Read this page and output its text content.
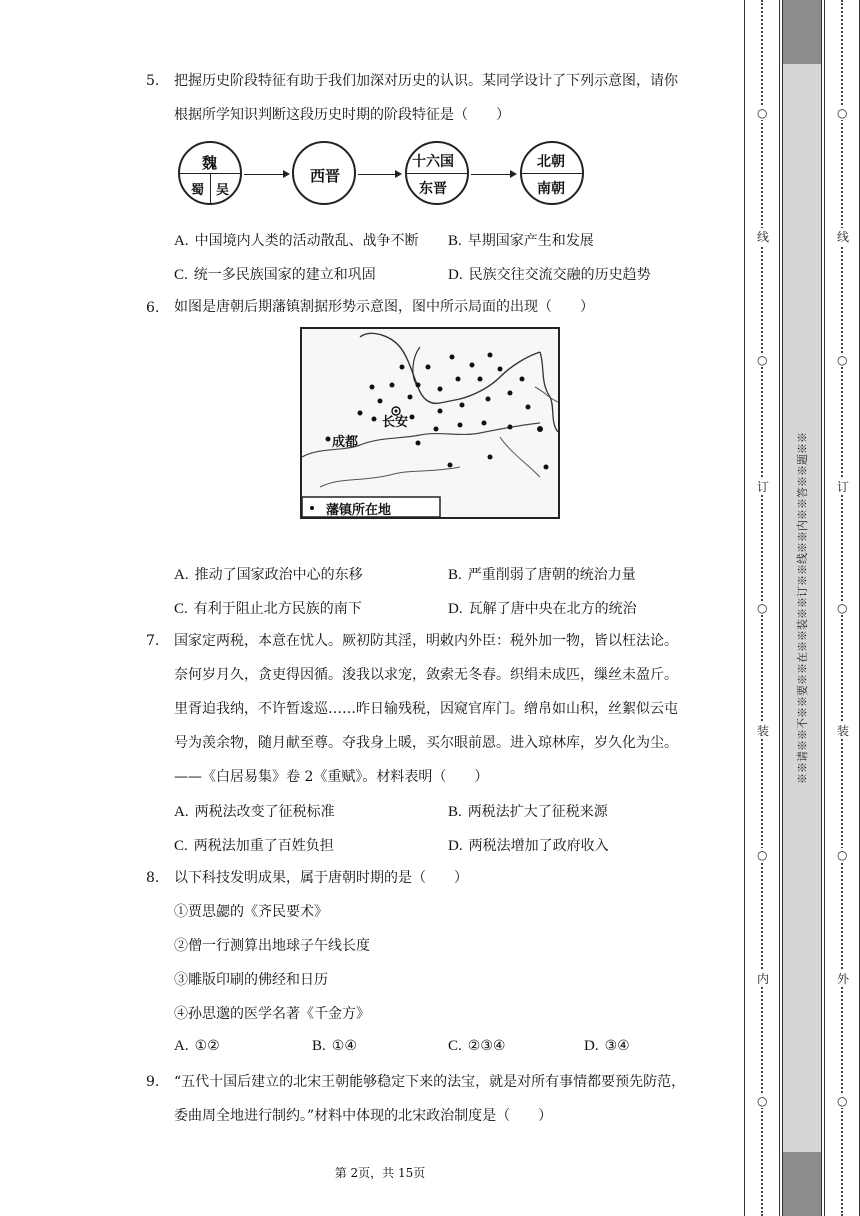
5. 把握历史阶段特征有助于我们加深对历史的认识。某同学设计了下列示意图，请你
根据所学知识判断这段历史时期的阶段特征是（　　）
魏
蜀 吴
西晋
十六国
东晋
北朝
南朝
A. 中国境内人类的活动散乱、战争不断 B. 早期国家产生和发展
C. 统一多民族国家的建立和巩固	D. 民族交往交流交融的历史趋势
6. 如图是唐朝后期藩镇割据形势示意图，图中所示局面的出现（　　）
长安
成都
藩镇所在地
A. 推动了国家政治中心的东移	B. 严重削弱了唐朝的统治力量
C. 有利于阻止北方民族的南下	D. 瓦解了唐中央在北方的统治
7. 国家定两税，本意在忧人。厥初防其淫，明敕内外臣：税外加一物，皆以枉法论。
奈何岁月久，贪吏得因循。浚我以求宠，敛索无冬春。织绢未成匹，缫丝未盈斤。
里胥迫我纳，不许暂逡巡……昨日输残税，因窥官库门。缯帛如山积，丝絮似云屯
号为羡余物，随月献至尊。夺我身上暖，买尔眼前恩。进入琼林库，岁久化为尘。
——《白居易集》卷 2《重赋》。材料表明（　　）
A. 两税法改变了征税标准	B. 两税法扩大了征税来源
C. 两税法加重了百姓负担	D. 两税法增加了政府收入
8. 以下科技发明成果，属于唐朝时期的是（　　）
①贾思勰的《齐民要术》
②僧一行测算出地球子午线长度
③雕版印刷的佛经和日历
④孙思邈的医学名著《千金方》
A. ①②	B. ①④	C. ②③④	D. ③④
9. “五代十国后建立的北宋王朝能够稳定下来的法宝，就是对所有事情都要预先防范，
委曲周全地进行制约。”材料中体现的北宋政治制度是（　　）
第 2页，共 15页
○
线
○
订
○
装
○
内
○
※※请※※不※※要※※在※※装※※订※※线※※内※※答※※题※※
○
线
○
订
○
装
○
外
○
